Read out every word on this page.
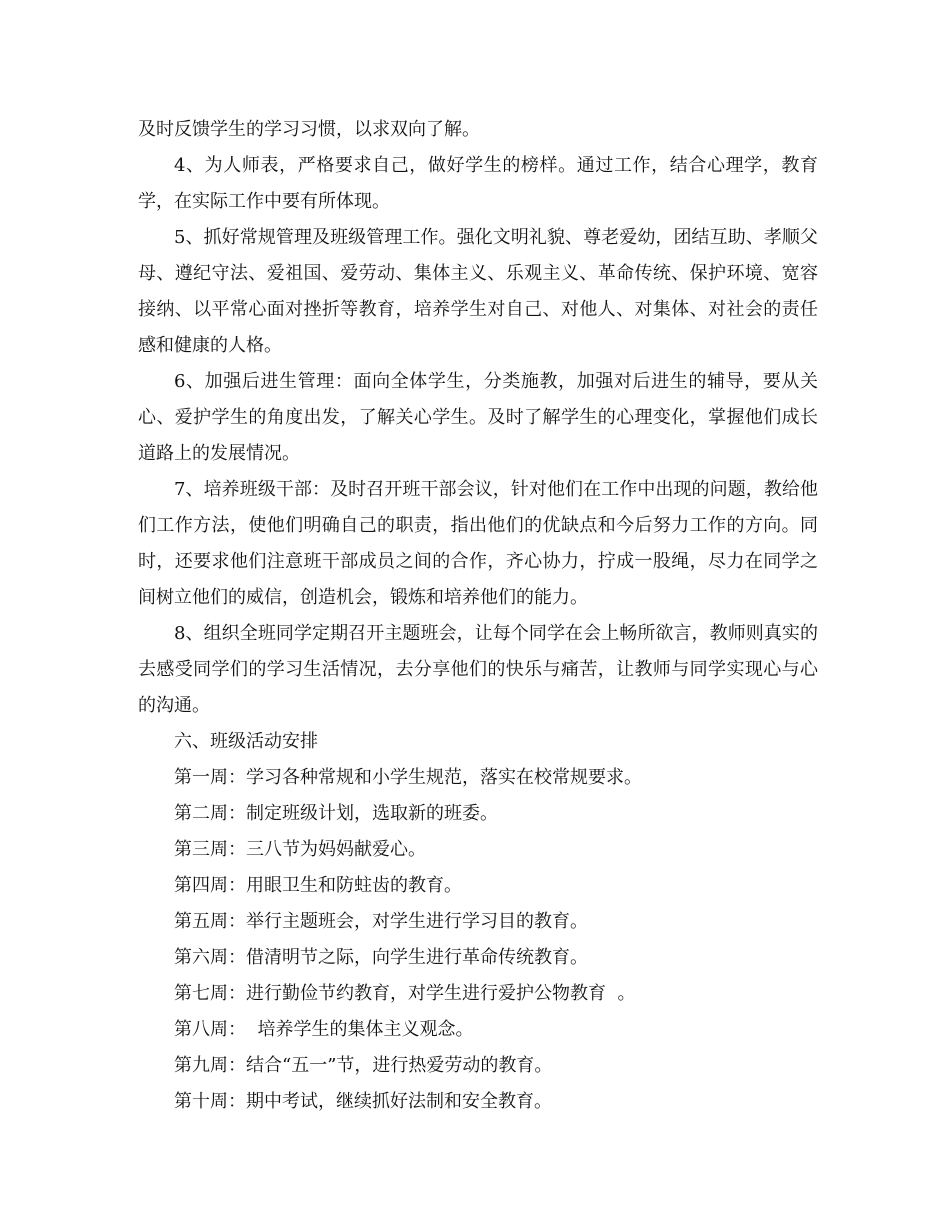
及时反馈学生的学习习惯，以求双向了解。

4、为人师表，严格要求自己，做好学生的榜样。通过工作，结合心理学，教育学，在实际工作中要有所体现。

5、抓好常规管理及班级管理工作。强化文明礼貌、尊老爱幼，团结互助、孝顺父母、遵纪守法、爱祖国、爱劳动、集体主义、乐观主义、革命传统、保护环境、宽容接纳、以平常心面对挫折等教育，培养学生对自己、对他人、对集体、对社会的责任感和健康的人格。

6、加强后进生管理：面向全体学生，分类施教，加强对后进生的辅导，要从关心、爱护学生的角度出发，了解关心学生。及时了解学生的心理变化，掌握他们成长道路上的发展情况。

7、培养班级干部：及时召开班干部会议，针对他们在工作中出现的问题，教给他们工作方法，使他们明确自己的职责，指出他们的优缺点和今后努力工作的方向。同时，还要求他们注意班干部成员之间的合作，齐心协力，拧成一股绳，尽力在同学之间树立他们的威信，创造机会，锻炼和培养他们的能力。

8、组织全班同学定期召开主题班会，让每个同学在会上畅所欲言，教师则真实的去感受同学们的学习生活情况，去分享他们的快乐与痛苦，让教师与同学实现心与心的沟通。

六、班级活动安排

第一周：学习各种常规和小学生规范，落实在校常规要求。

第二周：制定班级计划，选取新的班委。

第三周：三八节为妈妈献爱心。

第四周：用眼卫生和防蛀齿的教育。

第五周：举行主题班会，对学生进行学习目的教育。

第六周：借清明节之际，向学生进行革命传统教育。

第七周：进行勤俭节约教育，对学生进行爱护公物教育  。

第八周：  培养学生的集体主义观念。

第九周：结合“五一”节，进行热爱劳动的教育。

第十周：期中考试，继续抓好法制和安全教育。
